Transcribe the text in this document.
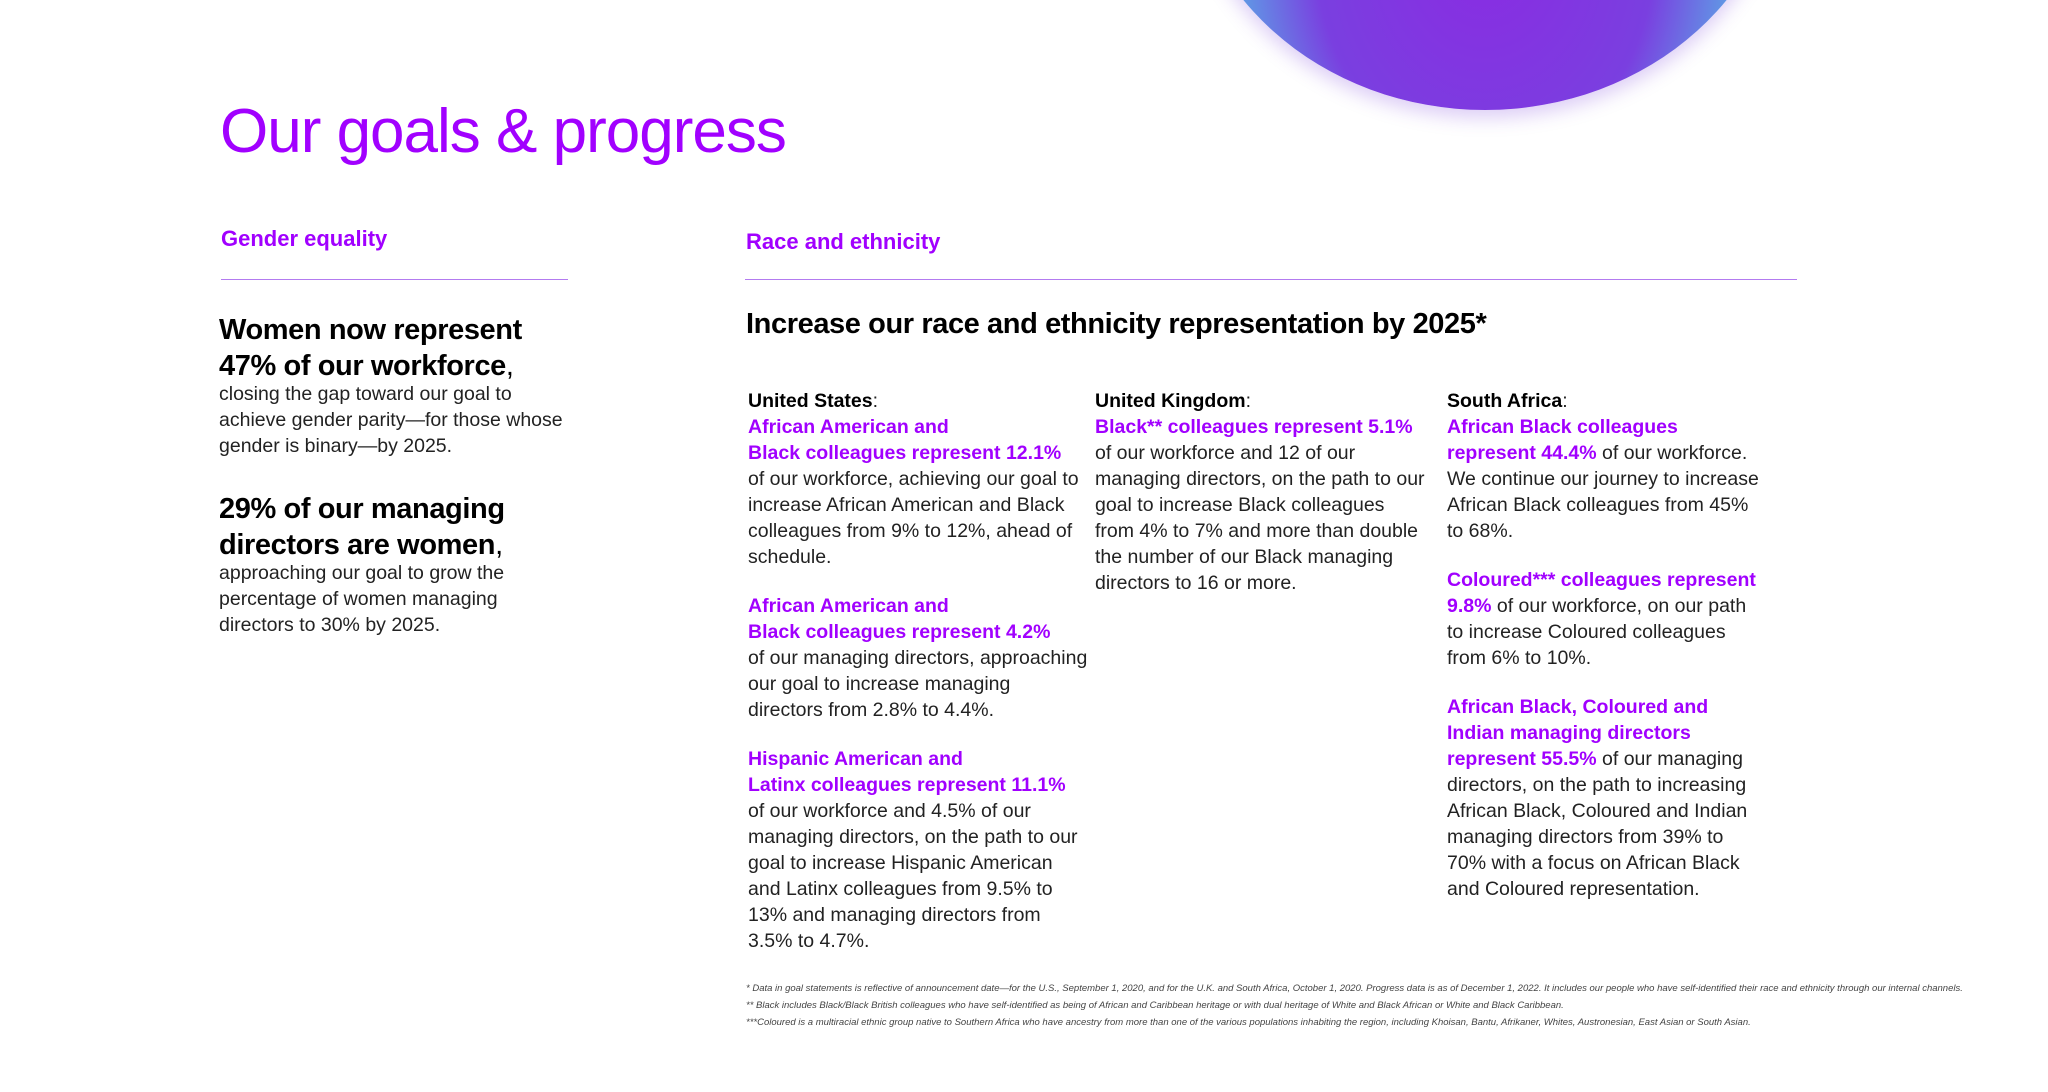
Our goals & progress
Gender equality
Women now represent
47% of our workforce,
closing the gap toward our goal to achieve gender parity—for those whose gender is binary—by 2025.
29% of our managing
directors are women,
approaching our goal to grow the percentage of women managing directors to 30% by 2025.
Race and ethnicity
Increase our race and ethnicity representation by 2025*
United States:
African American and
Black colleagues represent 12.1%
of our workforce, achieving our goal to increase African American and Black colleagues from 9% to 12%, ahead of schedule.
African American and
Black colleagues represent 4.2%
of our managing directors, approaching our goal to increase managing directors from 2.8% to 4.4%.
Hispanic American and
Latinx colleagues represent 11.1%
of our workforce and 4.5% of our managing directors, on the path to our goal to increase Hispanic American and Latinx colleagues from 9.5% to 13% and managing directors from 3.5% to 4.7%.
United Kingdom:
Black** colleagues represent 5.1%
of our workforce and 12 of our managing directors, on the path to our goal to increase Black colleagues from 4% to 7% and more than double the number of our Black managing directors to 16 or more.
South Africa:
African Black colleagues
represent 44.4% of our workforce. We continue our journey to increase African Black colleagues from 45% to 68%.
Coloured*** colleagues represent
9.8% of our workforce, on our path to increase Coloured colleagues from 6% to 10%.
African Black, Coloured and
Indian managing directors
represent 55.5% of our managing directors, on the path to increasing African Black, Coloured and Indian managing directors from 39% to 70% with a focus on African Black and Coloured representation.
* Data in goal statements is reflective of announcement date—for the U.S., September 1, 2020, and for the U.K. and South Africa, October 1, 2020. Progress data is as of December 1, 2022. It includes our people who have self-identified their race and ethnicity through our internal channels.
** Black includes Black/Black British colleagues who have self-identified as being of African and Caribbean heritage or with dual heritage of White and Black African or White and Black Caribbean.
***Coloured is a multiracial ethnic group native to Southern Africa who have ancestry from more than one of the various populations inhabiting the region, including Khoisan, Bantu, Afrikaner, Whites, Austronesian, East Asian or South Asian.
